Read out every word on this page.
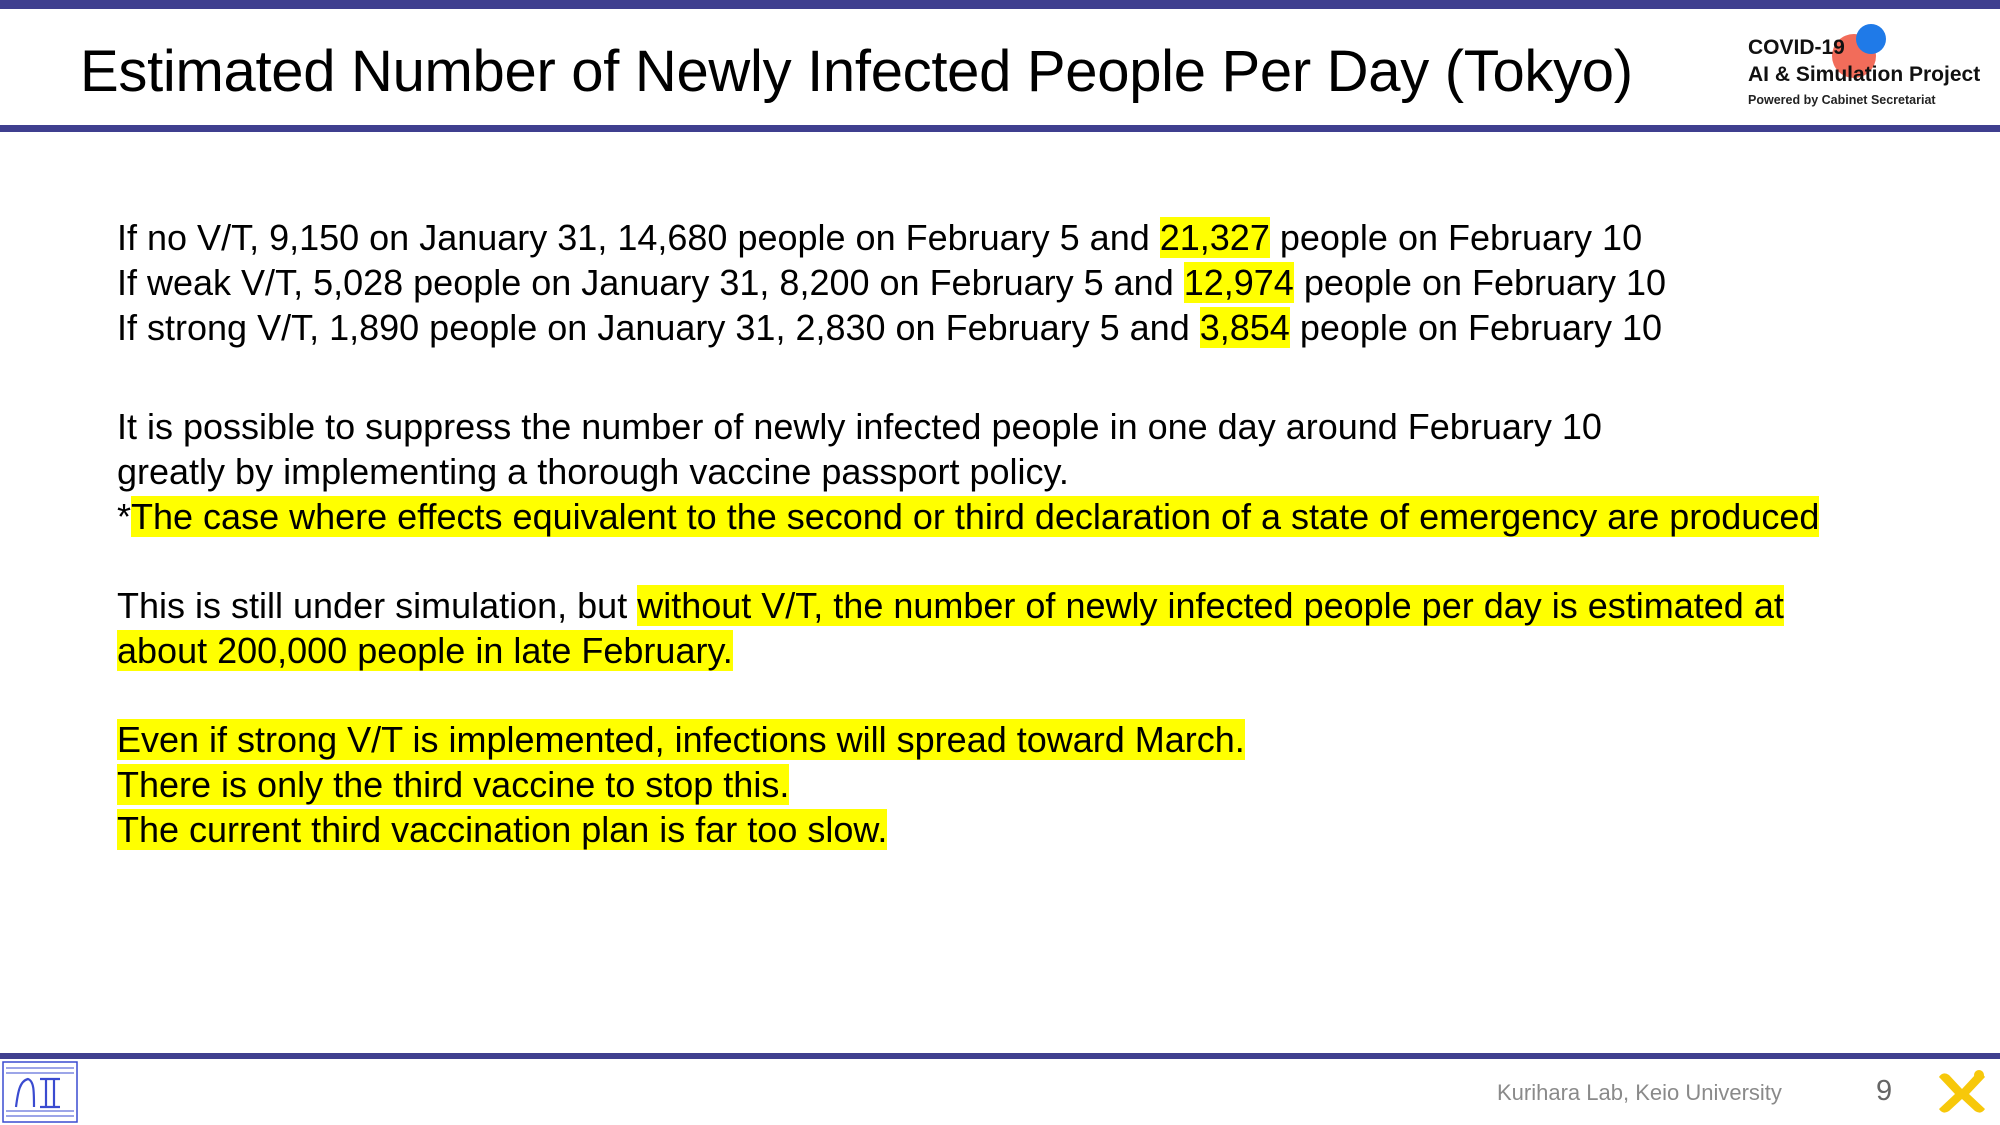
Estimated Number of Newly Infected People Per Day (Tokyo)	COVID-19
AI & Simulation Project
Powered by Cabinet Secretariat
If no V/T, 9,150 on January 31, 14,680 people on February 5 and 21,327 people on February 10
If weak V/T, 5,028 people on January 31, 8,200 on February 5 and 12,974 people on February 10
If strong V/T, 1,890 people on January 31, 2,830 on February 5 and 3,854 people on February 10
It is possible to suppress the number of newly infected people in one day around February 10
greatly by implementing a thorough vaccine passport policy.
*The case where effects equivalent to the second or third declaration of a state of emergency are produced
This is still under simulation, but without V/T, the number of newly infected people per day is estimated at
about 200,000 people in late February.
Even if strong V/T is implemented, infections will spread toward March.
There is only the third vaccine to stop this.
The current third vaccination plan is far too slow.
Kurihara Lab, Keio University	9
